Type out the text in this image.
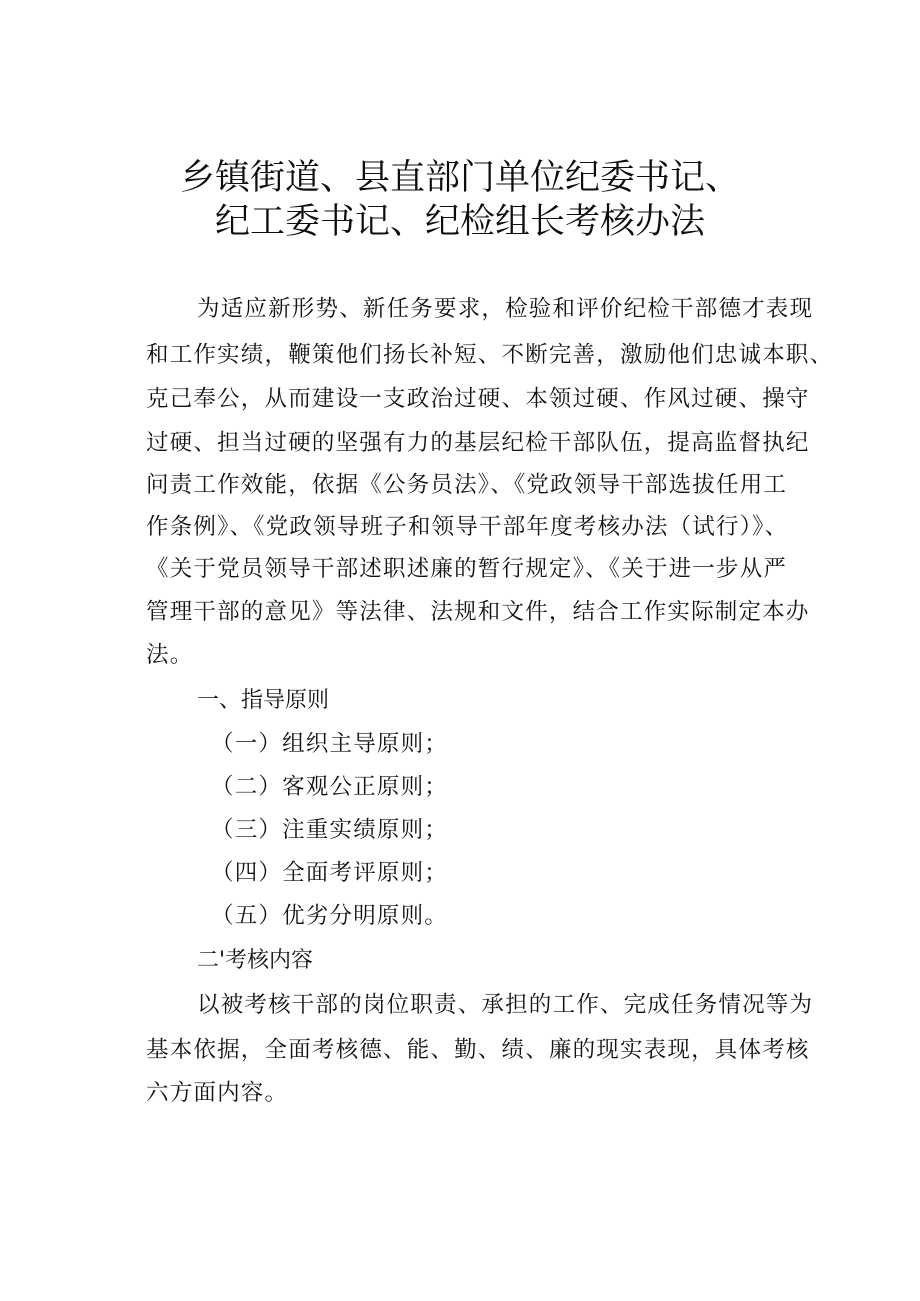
乡镇街道、县直部门单位纪委书记、
纪工委书记、纪检组长考核办法
为适应新形势、新任务要求，检验和评价纪检干部德才表现
和工作实绩，鞭策他们扬长补短、不断完善，激励他们忠诚本职、
克己奉公，从而建设一支政治过硬、本领过硬、作风过硬、操守
过硬、担当过硬的坚强有力的基层纪检干部队伍，提高监督执纪
问责工作效能，依据《公务员法》、《党政领导干部选拔任用工
作条例》、《党政领导班子和领导干部年度考核办法（试行）》、
《关于党员领导干部述职述廉的暂行规定》、《关于进一步从严
管理干部的意见》等法律、法规和文件，结合工作实际制定本办
法。
一、指导原则
（一）组织主导原则；
（二）客观公正原则；
（三）注重实绩原则；
（四）全面考评原则；
（五）优劣分明原则。
二'考核内容
以被考核干部的岗位职责、承担的工作、完成任务情况等为
基本依据，全面考核德、能、勤、绩、廉的现实表现，具体考核
六方面内容。
